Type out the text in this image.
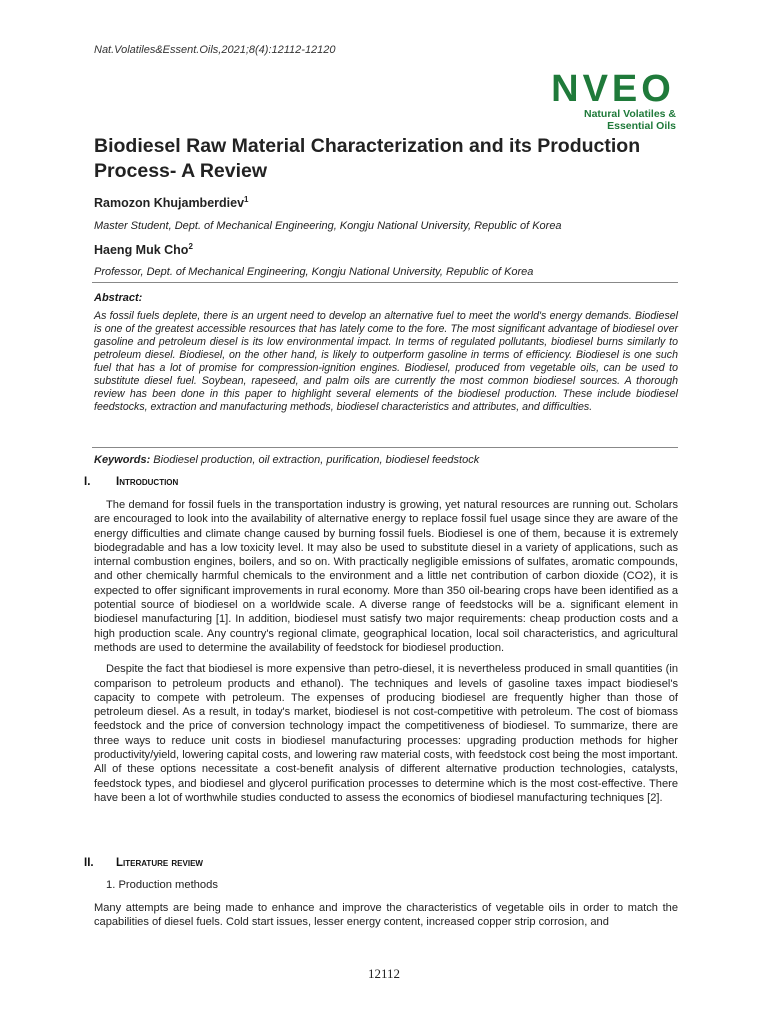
Nat.Volatiles&Essent.Oils,2021;8(4):12112-12120
NVEO
Natural Volatiles &
Essential Oils
Biodiesel Raw Material Characterization and its Production
Process- A Review
Ramozon Khujamberdiev$^1$
Master Student, Dept. of Mechanical Engineering, Kongju National University, Republic of Korea
Haeng Muk Cho$^2$
Professor, Dept. of Mechanical Engineering, Kongju National University, Republic of Korea
Abstract:
As fossil fuels deplete, there is an urgent need to develop an alternative fuel to meet the world's energy demands. Biodiesel is one of the greatest accessible resources that has lately come to the fore. The most significant advantage of biodiesel over gasoline and petroleum diesel is its low environmental impact. In terms of regulated pollutants, biodiesel burns similarly to petroleum diesel. Biodiesel, on the other hand, is likely to outperform gasoline in terms of efficiency. Biodiesel is one such fuel that has a lot of promise for compression-ignition engines. Biodiesel, produced from vegetable oils, can be used to substitute diesel fuel. Soybean, rapeseed, and palm oils are currently the most common biodiesel sources. A thorough review has been done in this paper to highlight several elements of the biodiesel production. These include biodiesel feedstocks, extraction and manufacturing methods, biodiesel characteristics and attributes, and difficulties.
Keywords: Biodiesel production, oil extraction, purification, biodiesel feedstock
I. Introduction

The demand for fossil fuels in the transportation industry is growing, yet natural resources are running out. Scholars are encouraged to look into the availability of alternative energy to replace fossil fuel usage since they are aware of the energy difficulties and climate change caused by burning fossil fuels. Biodiesel is one of them, because it is extremely biodegradable and has a low toxicity level. It may also be used to substitute diesel in a variety of applications, such as internal combustion engines, boilers, and so on. With practically negligible emissions of sulfates, aromatic compounds, and other chemically harmful chemicals to the environment and a little net contribution of carbon dioxide (CO2), it is expected to offer significant improvements in rural economy. More than 350 oil-bearing crops have been identified as a potential source of biodiesel on a worldwide scale. A diverse range of feedstocks will be a. significant element in biodiesel manufacturing [1]. In addition, biodiesel must satisfy two major requirements: cheap production costs and a high production scale. Any country's regional climate, geographical location, local soil characteristics, and agricultural methods are used to determine the availability of feedstock for biodiesel production.

Despite the fact that biodiesel is more expensive than petro-diesel, it is nevertheless produced in small quantities (in comparison to petroleum products and ethanol). The techniques and levels of gasoline taxes impact biodiesel's capacity to compete with petroleum. The expenses of producing biodiesel are frequently higher than those of petroleum diesel. As a result, in today's market, biodiesel is not cost-competitive with petroleum. The cost of biomass feedstock and the price of conversion technology impact the competitiveness of biodiesel. To summarize, there are three ways to reduce unit costs in biodiesel manufacturing processes: upgrading production methods for higher productivity/yield, lowering capital costs, and lowering raw material costs, with feedstock cost being the most important. All of these options necessitate a cost-benefit analysis of different alternative production technologies, catalysts, feedstock types, and biodiesel and glycerol purification processes to determine which is the most cost-effective. There have been a lot of worthwhile studies conducted to assess the economics of biodiesel manufacturing techniques [2].

II. Literature review
1. Production methods

Many attempts are being made to enhance and improve the characteristics of vegetable oils in order to match the capabilities of diesel fuels. Cold start issues, lesser energy content, increased copper strip corrosion, and

12112
